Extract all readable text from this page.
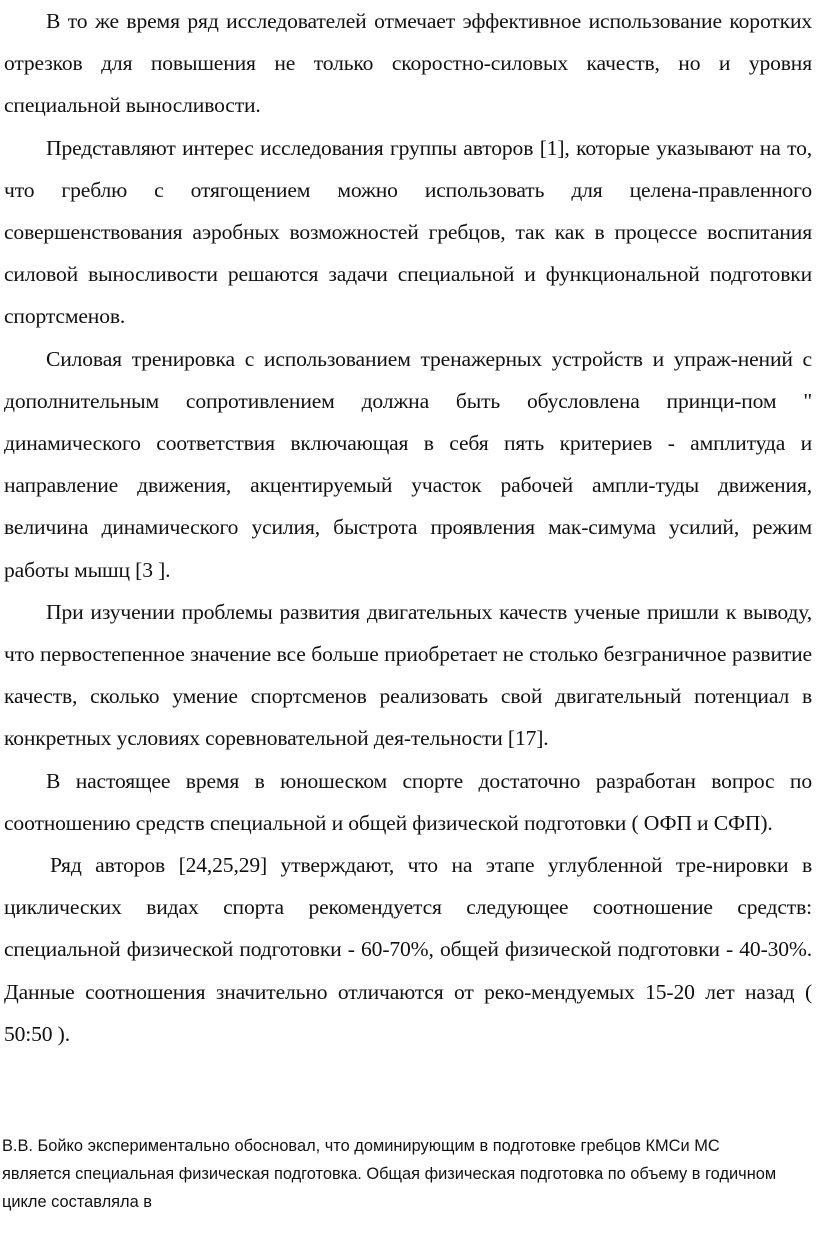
В то же время ряд исследователей отмечает эффективное использование коротких отрезков для повышения не только скоростно-силовых качеств, но и уровня специальной выносливости.

Представляют интерес исследования группы авторов [1], которые указывают на то, что греблю с отягощением можно использовать для целена-правленного совершенствования аэробных возможностей гребцов, так как в процессе воспитания силовой выносливости решаются задачи специальной и функциональной подготовки спортсменов.

Силовая тренировка с использованием тренажерных устройств и упраж-нений с дополнительным сопротивлением должна быть обусловлена принци-пом " динамического соответствия включающая в себя пять критериев - амплитуда и направление движения, акцентируемый участок рабочей ампли-туды движения, величина динамического усилия, быстрота проявления мак-симума усилий, режим работы мышц [3 ].

При изучении проблемы развития двигательных качеств ученые пришли к выводу, что первостепенное значение все больше приобретает не столько безграничное развитие качеств, сколько умение спортсменов реализовать свой двигательный потенциал в конкретных условиях соревновательной дея-тельности [17].

В настоящее время в юношеском спорте достаточно разработан вопрос по соотношению средств специальной и общей физической подготовки ( ОФП и СФП).

Ряд авторов [24,25,29] утверждают, что на этапе углубленной тре-нировки в циклических видах спорта рекомендуется следующее соотношение средств: специальной физической подготовки - 60-70%, общей физической подготовки - 40-30%. Данные соотношения значительно отличаются от реко-мендуемых 15-20 лет назад ( 50:50 ).

В.В. Бойко экспериментально обосновал, что доминирующим в подготовке гребцов КМСи МС является специальная физическая подготовка. Общая физическая подготовка по объему в годичном цикле составляла в
